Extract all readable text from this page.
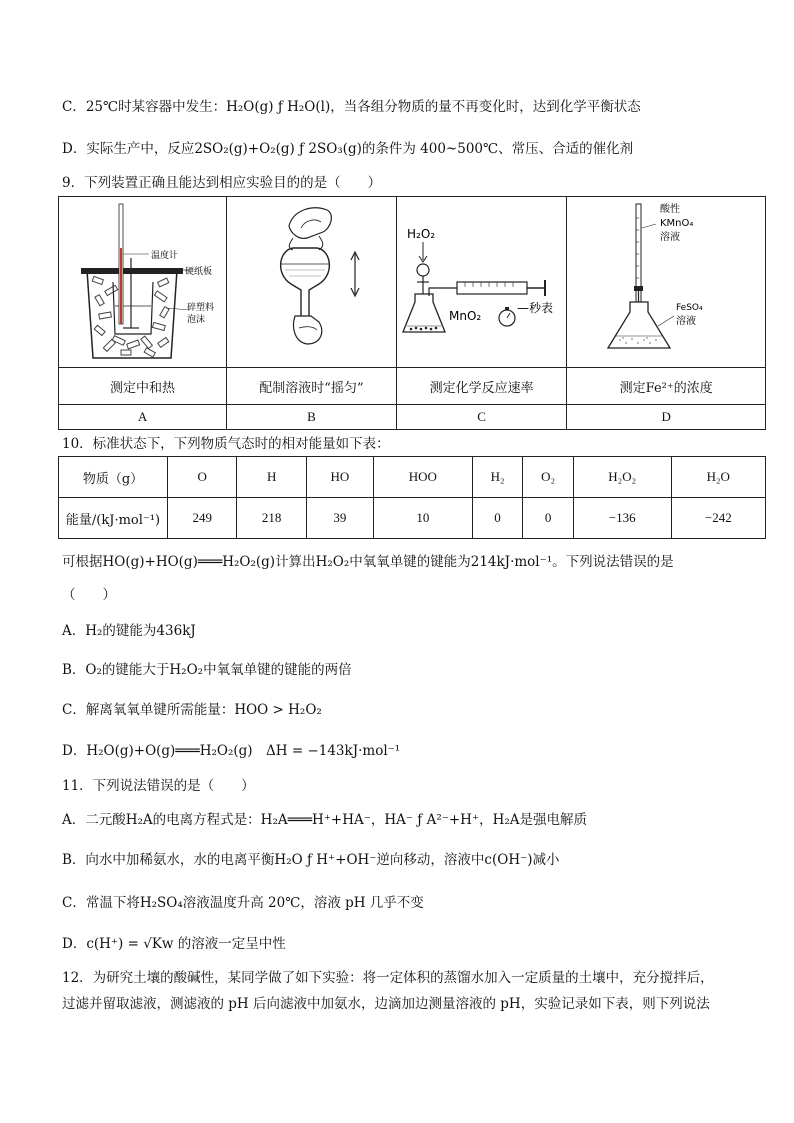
C．25℃时某容器中发生：H₂O(g) ƒ H₂O(l)，当各组分物质的量不再变化时，达到化学平衡状态
D．实际生产中，反应2SO₂(g)+O₂(g) ƒ 2SO₃(g)的条件为 400~500℃、常压、合适的催化剂
9．下列装置正确且能达到相应实验目的的是（　　）
温度计
硬纸板
碎塑料
泡沫		H₂O₂
MnO₂
—秒表	酸性
KMnO₄
溶液
FeSO₄
溶液

测定中和热	配制溶液时“摇匀”	测定化学反应速率	测定Fe²⁺的浓度
A	B	C	D
10．标准状态下，下列物质气态时的相对能量如下表：
物质（g）	O	H	HO	HOO	H₂	O₂	H₂O₂	H₂O
能量/(kJ·mol⁻¹)	249	218	39	10	0	0	−136	−242
可根据HO(g)+HO(g)═══H₂O₂(g)计算出H₂O₂中氧氧单键的键能为214kJ·mol⁻¹。下列说法错误的是
（　　）
A．H₂的键能为436kJ
B．O₂的键能大于H₂O₂中氧氧单键的键能的两倍
C．解离氧氧单键所需能量：HOO > H₂O₂
D．H₂O(g)+O(g)═══H₂O₂(g)　ΔH = −143kJ·mol⁻¹
11．下列说法错误的是（　　）
A．二元酸H₂A的电离方程式是：H₂A═══H⁺+HA⁻，HA⁻ ƒ A²⁻+H⁺，H₂A是强电解质
B．向水中加稀氨水，水的电离平衡H₂O ƒ H⁺+OH⁻逆向移动，溶液中c(OH⁻)减小
C．常温下将H₂SO₄溶液温度升高 20℃，溶液 pH 几乎不变
D．c(H⁺) = √Kw 的溶液一定呈中性
12．为研究土壤的酸碱性，某同学做了如下实验：将一定体积的蒸馏水加入一定质量的土壤中，充分搅拌后，
过滤并留取滤液，测滤液的 pH 后向滤液中加氨水，边滴加边测量溶液的 pH，实验记录如下表，则下列说法
